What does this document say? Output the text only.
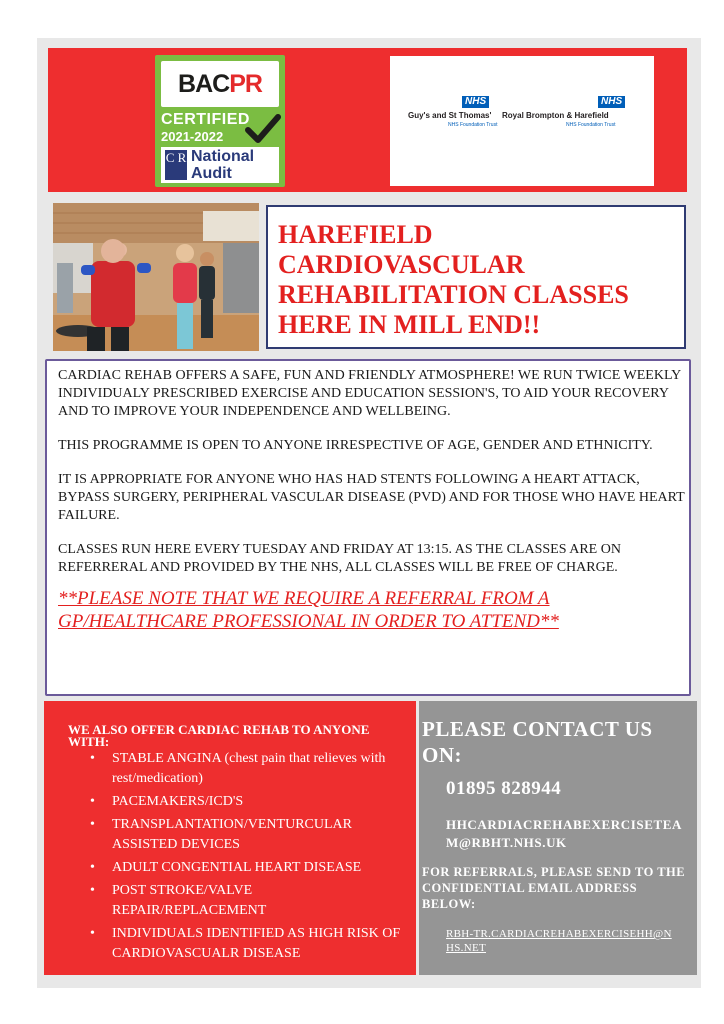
BACPR
CERTIFIED
2021-2022
C R National
Audit
NHS
Guy's and St Thomas'
NHS Foundation Trust
NHS
Royal Brompton & Harefield
NHS Foundation Trust
HAREFIELD
CARDIOVASCULAR
REHABILITATION CLASSES
HERE IN MILL END!!

CARDIAC REHAB OFFERS A SAFE, FUN AND FRIENDLY ATMOSPHERE! WE RUN TWICE WEEKLY INDIVIDUALY PRESCRIBED EXERCISE AND EDUCATION SESSION'S, TO AID YOUR RECOVERY AND TO IMPROVE YOUR INDEPENDENCE AND WELLBEING.

THIS PROGRAMME IS OPEN TO ANYONE IRRESPECTIVE OF AGE, GENDER AND ETHNICITY.

IT IS APPROPRIATE FOR ANYONE WHO HAS HAD STENTS FOLLOWING A HEART ATTACK, BYPASS SURGERY, PERIPHERAL VASCULAR DISEASE (PVD) AND FOR THOSE WHO HAVE HEART FAILURE.

CLASSES RUN HERE EVERY TUESDAY AND FRIDAY AT 13:15. AS THE CLASSES ARE ON REFERRERAL AND PROVIDED BY THE NHS, ALL CLASSES WILL BE FREE OF CHARGE.

**PLEASE NOTE THAT WE REQUIRE A REFERRAL FROM A GP/HEALTHCARE PROFESSIONAL IN ORDER TO ATTEND**

WE ALSO OFFER CARDIAC REHAB TO ANYONE WITH:
• STABLE ANGINA (chest pain that relieves with rest/medication)
• PACEMAKERS/ICD'S
• TRANSPLANTATION/VENTURCULAR ASSISTED DEVICES
• ADULT CONGENTIAL HEART DISEASE
• POST STROKE/VALVE REPAIR/REPLACEMENT
• INDIVIDUALS IDENTIFIED AS HIGH RISK OF CARDIOVASCUALR DISEASE
PLEASE CONTACT US ON:
01895 828944
HHCARDIACREHABEXERCISETEAM@RBHT.NHS.UK
FOR REFERRALS, PLEASE SEND TO THE CONFIDENTIAL EMAIL ADDRESS BELOW:
RBH-TR.CARDIACREHABEXERCISEHH@NHS.NET
